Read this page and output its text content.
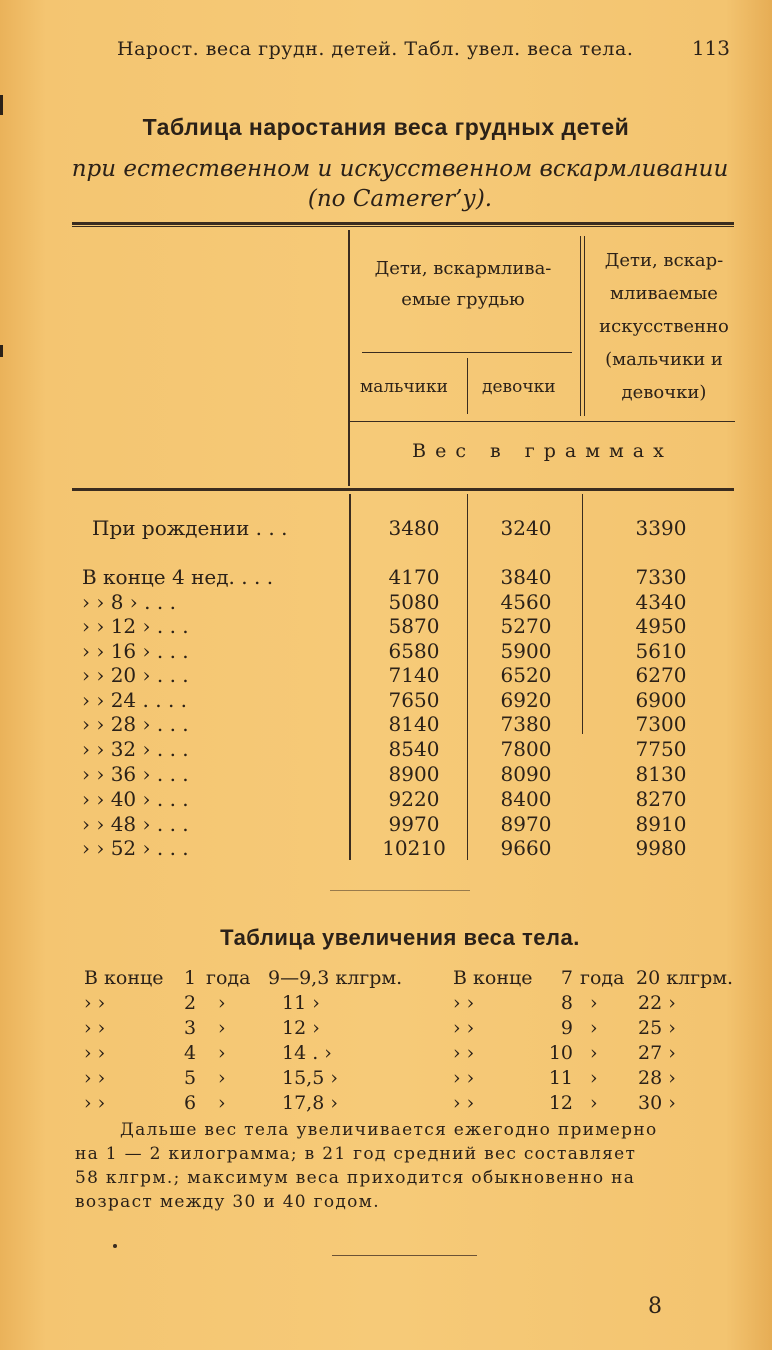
Нарост. веса грудн. детей. Табл. увел. веса тела.	113
Таблица наростания веса грудных детей
при естественном и искусственном вскармливании
(по Camerer’у).
Дети, вскармлива-емые грудью
мальчики девочки
Дети, вскар-мливаемые искусственно (мальчики и девочки)
Вес в граммах
При рождении . . .	3480	3240	3390
В конце 4 нед. . . .	4170	3840	7330
› › 8 › . . .	5080	4560	4340
› › 12 › . . .	5870	5270	4950
› › 16 › . . .	6580	5900	5610
› › 20 › . . .	7140	6520	6270
› › 24 . . . .	7650	6920	6900
› › 28 › . . .	8140	7380	7300
› › 32 › . . .	8540	7800	7750
› › 36 › . . .	8900	8090	8130
› › 40 › . . .	9220	8400	8270
› › 48 › . . .	9970	8970	8910
› › 52 › . . .	10210	9660	9980
Таблица увеличения веса тела.
В конце 1 года 9—9,3 клгрм.	В конце	7 года 20 клгрм.
› ›	2 ›	11 ›	› ›	8 › 22 ›
› ›	3 ›	12 ›	› ›	9 › 25 ›
› ›	4 ›	14 . ›	› ›	10 › 27 ›
› ›	5 ›	15,5 ›	› ›	11 › 28 ›
› ›	6 ›	17,8 ›	› ›	12 › 30 ›
Дальше вес тела увеличивается ежегодно примерно
на 1 — 2 килограмма; в 21 год средний вес составляет
58 клгрм.; максимум веса приходится обыкновенно на
возраст между 30 и 40 годом.
8
